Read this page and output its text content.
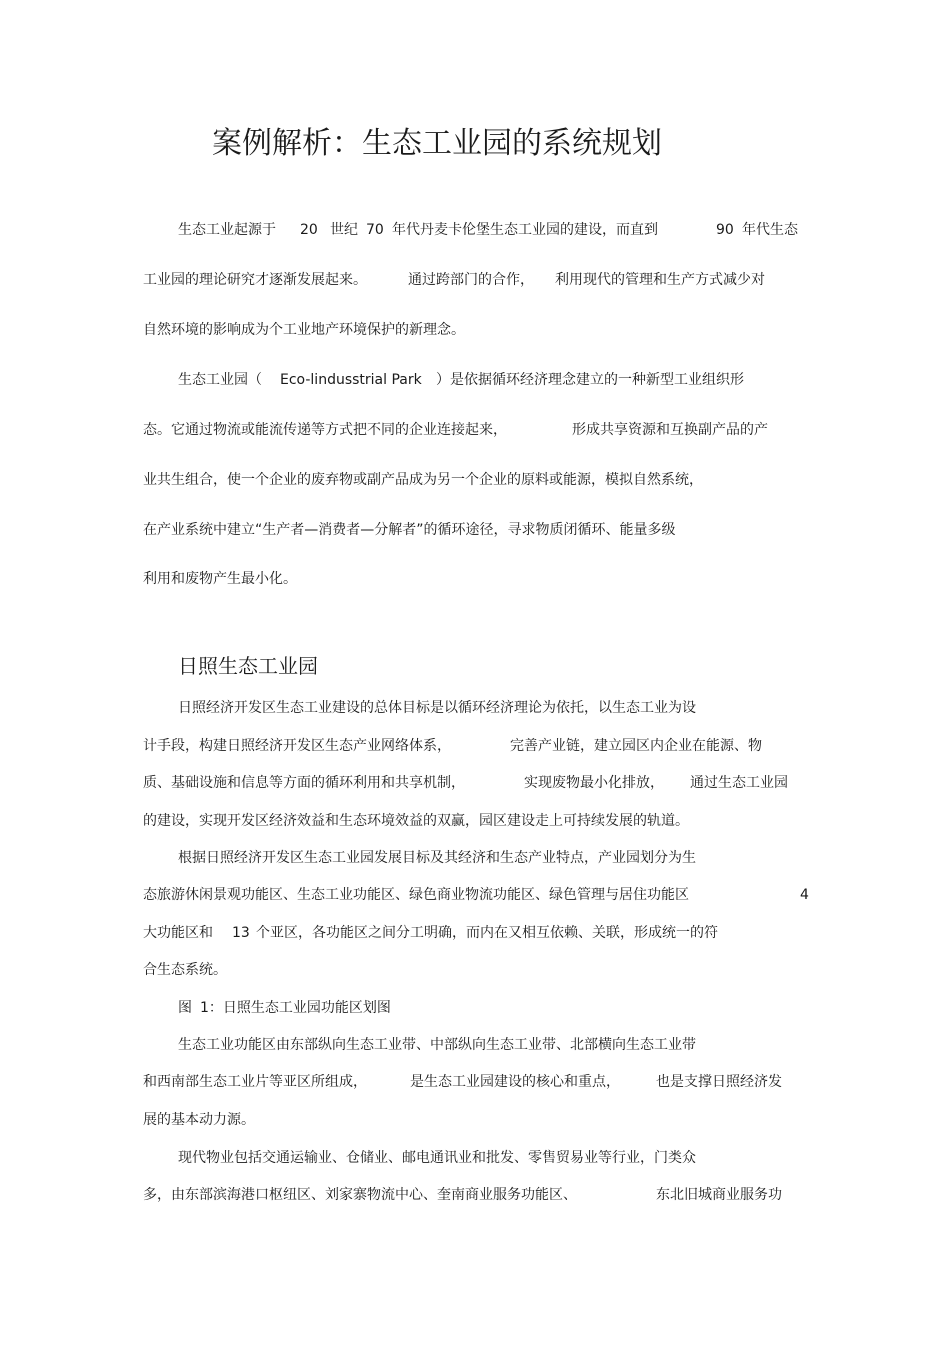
案例解析：生态工业园的系统规划
生态工业起源于 20 世纪 70 年代丹麦卡伦堡生态工业园的建设，而直到	90 年代生态
工业园的理论研究才逐渐发展起来。	通过跨部门的合作， 利用现代的管理和生产方式减少对
自然环境的影响成为个工业地产环境保护的新理念。
生态工业园（ Eco-lindusstrial Park ）是依据循环经济理念建立的一种新型工业组织形
态。它通过物流或能流传递等方式把不同的企业连接起来，	形成共享资源和互换副产品的产
业共生组合，使一个企业的废弃物或副产品成为另一个企业的原料或能源，模拟自然系统，
在产业系统中建立“生产者—消费者—分解者”的循环途径，寻求物质闭循环、能量多级
利用和废物产生最小化。
日照生态工业园
日照经济开发区生态工业建设的总体目标是以循环经济理论为依托，以生态工业为设
计手段，构建日照经济开发区生态产业网络体系，	完善产业链，建立园区内企业在能源、物
质、基础设施和信息等方面的循环利用和共享机制，	实现废物最小化排放， 通过生态工业园
的建设，实现开发区经济效益和生态环境效益的双赢，园区建设走上可持续发展的轨道。
根据日照经济开发区生态工业园发展目标及其经济和生态产业特点，产业园划分为生
态旅游休闲景观功能区、生态工业功能区、绿色商业物流功能区、绿色管理与居住功能区	4
大功能区和 13 个亚区，各功能区之间分工明确，而内在又相互依赖、关联，形成统一的符
合生态系统。
图 1：日照生态工业园功能区划图
生态工业功能区由东部纵向生态工业带、中部纵向生态工业带、北部横向生态工业带
和西南部生态工业片等亚区所组成，	是生态工业园建设的核心和重点，	也是支撑日照经济发
展的基本动力源。
现代物业包括交通运输业、仓储业、邮电通讯业和批发、零售贸易业等行业，门类众
多，由东部滨海港口枢纽区、刘家寨物流中心、奎南商业服务功能区、	东北旧城商业服务功
